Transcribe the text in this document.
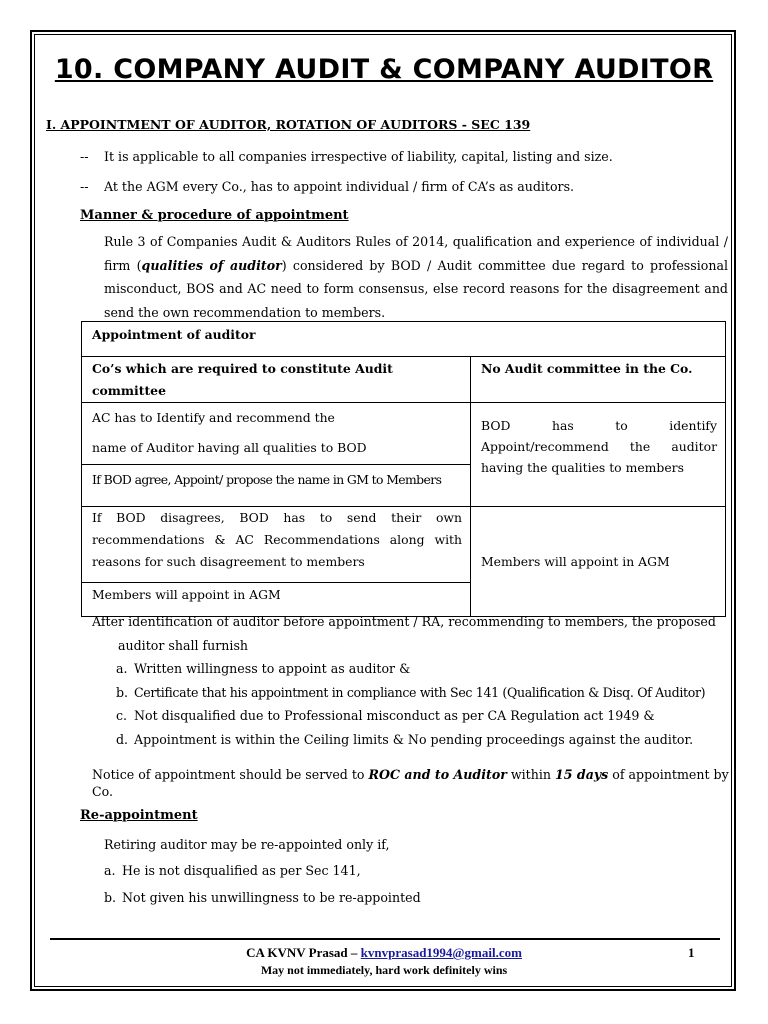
10. COMPANY AUDIT & COMPANY AUDITOR
I. APPOINTMENT OF AUDITOR, ROTATION OF AUDITORS - SEC 139
-- It is applicable to all companies irrespective of liability, capital, listing and size.
-- At the AGM every Co., has to appoint individual / firm of CA’s as auditors.
Manner & procedure of appointment
Rule 3 of Companies Audit & Auditors Rules of 2014, qualification and experience of individual / firm (qualities of auditor) considered by BOD / Audit committee due regard to professional misconduct, BOS and AC need to form consensus, else record reasons for the disagreement and send the own recommendation to members.
Appointment of auditor	
Co’s which are required to constitute Audit committee	No Audit committee in the Co.

AC has to Identify and recommend the
name of Auditor having all qualities to BOD	BOD has to identify Appoint/recommend the auditor having the qualities to members
If BOD agree, Appoint/ propose the name in GM to Members	
If BOD disagrees, BOD has to send their own recommendations & AC Recommendations along with reasons for such disagreement to members	Members will appoint in AGM
Members will appoint in AGM	
After identification of auditor before appointment / RA, recommending to members, the proposed
auditor shall furnish
a. Written willingness to appoint as auditor &
b. Certificate that his appointment in compliance with Sec 141 (Qualification & Disq. Of Auditor)
c. Not disqualified due to Professional misconduct as per CA Regulation act 1949 &
d. Appointment is within the Ceiling limits & No pending proceedings against the auditor.
Notice of appointment should be served to ROC and to Auditor within 15 days of appointment by
Co.
Re-appointment
Retiring auditor may be re-appointed only if,
a. He is not disqualified as per Sec 141,
b. Not given his unwillingness to be re-appointed
CA KVNV Prasad – kvnvprasad1994@gmail.com
May not immediately, hard work definitely wins
1
